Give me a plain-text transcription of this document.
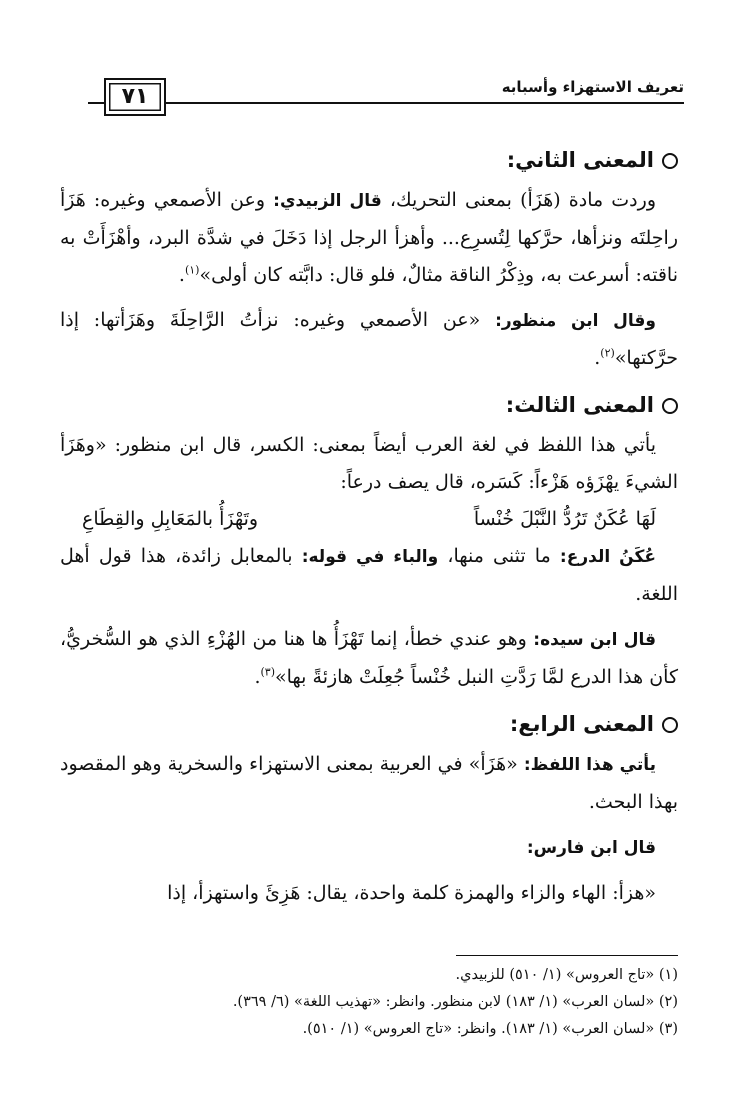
٧١	تعريف الاستهزاء وأسبابه

المعنى الثاني:

وردت مادة (هَزَأ) بمعنى التحريك، قال الزبيدي: وعن الأصمعي وغيره: هَزَأ راحِلتَه ونزأها، حرَّكها لِتُسرِع... وأهزأ الرجل إذا دَخَلَ في شدَّة البرد، وأهْزَأَتْ به ناقته: أسرعت به، وذِكْرُ الناقة مثالٌ، فلو قال: دابَّته كان أولى»$^{(١)}$.

وقال ابن منظور: «عن الأصمعي وغيره: نزأتُ الرَّاحِلَةَ وهَزَأتها: إذا حرَّكتها»$^{(٢)}$.

المعنى الثالث:

يأتي هذا اللفظ في لغة العرب أيضاً بمعنى: الكسر، قال ابن منظور: «وهَزَأ الشيءَ يهْزَؤه هَزْءاً: كَسَره، قال يصف درعاً:

لَهَا عُكَنٌ تَرُدُّ النَّبْلَ خُنْساً
وتَهْزَأُ بالمَعَابِلِ والقِطَاعِ

عُكَنُ الدرع: ما تثنى منها، والباء في قوله: بالمعابل زائدة، هذا قول أهل اللغة.

قال ابن سيده: وهو عندي خطأ، إنما تَهْزَأُ ها هنا من الهُزْءِ الذي هو السُّخريُّ، كأن هذا الدرع لمَّا رَدَّتِ النبل خُنْساً جُعِلَتْ هازئةً بها»$^{(٣)}$.

المعنى الرابع:

يأتي هذا اللفظ: «هَزَأ» في العربية بمعنى الاستهزاء والسخرية وهو المقصود بهذا البحث.

قال ابن فارس:

«هزأ: الهاء والزاء والهمزة كلمة واحدة، يقال: هَزِئَ واستهزأ، إذا

(١) «تاج العروس» (١/ ٥١٠) للزبيدي.
(٢) «لسان العرب» (١/ ١٨٣) لابن منظور. وانظر: «تهذيب اللغة» (٦/ ٣٦٩).
(٣) «لسان العرب» (١/ ١٨٣). وانظر: «تاج العروس» (١/ ٥١٠).
